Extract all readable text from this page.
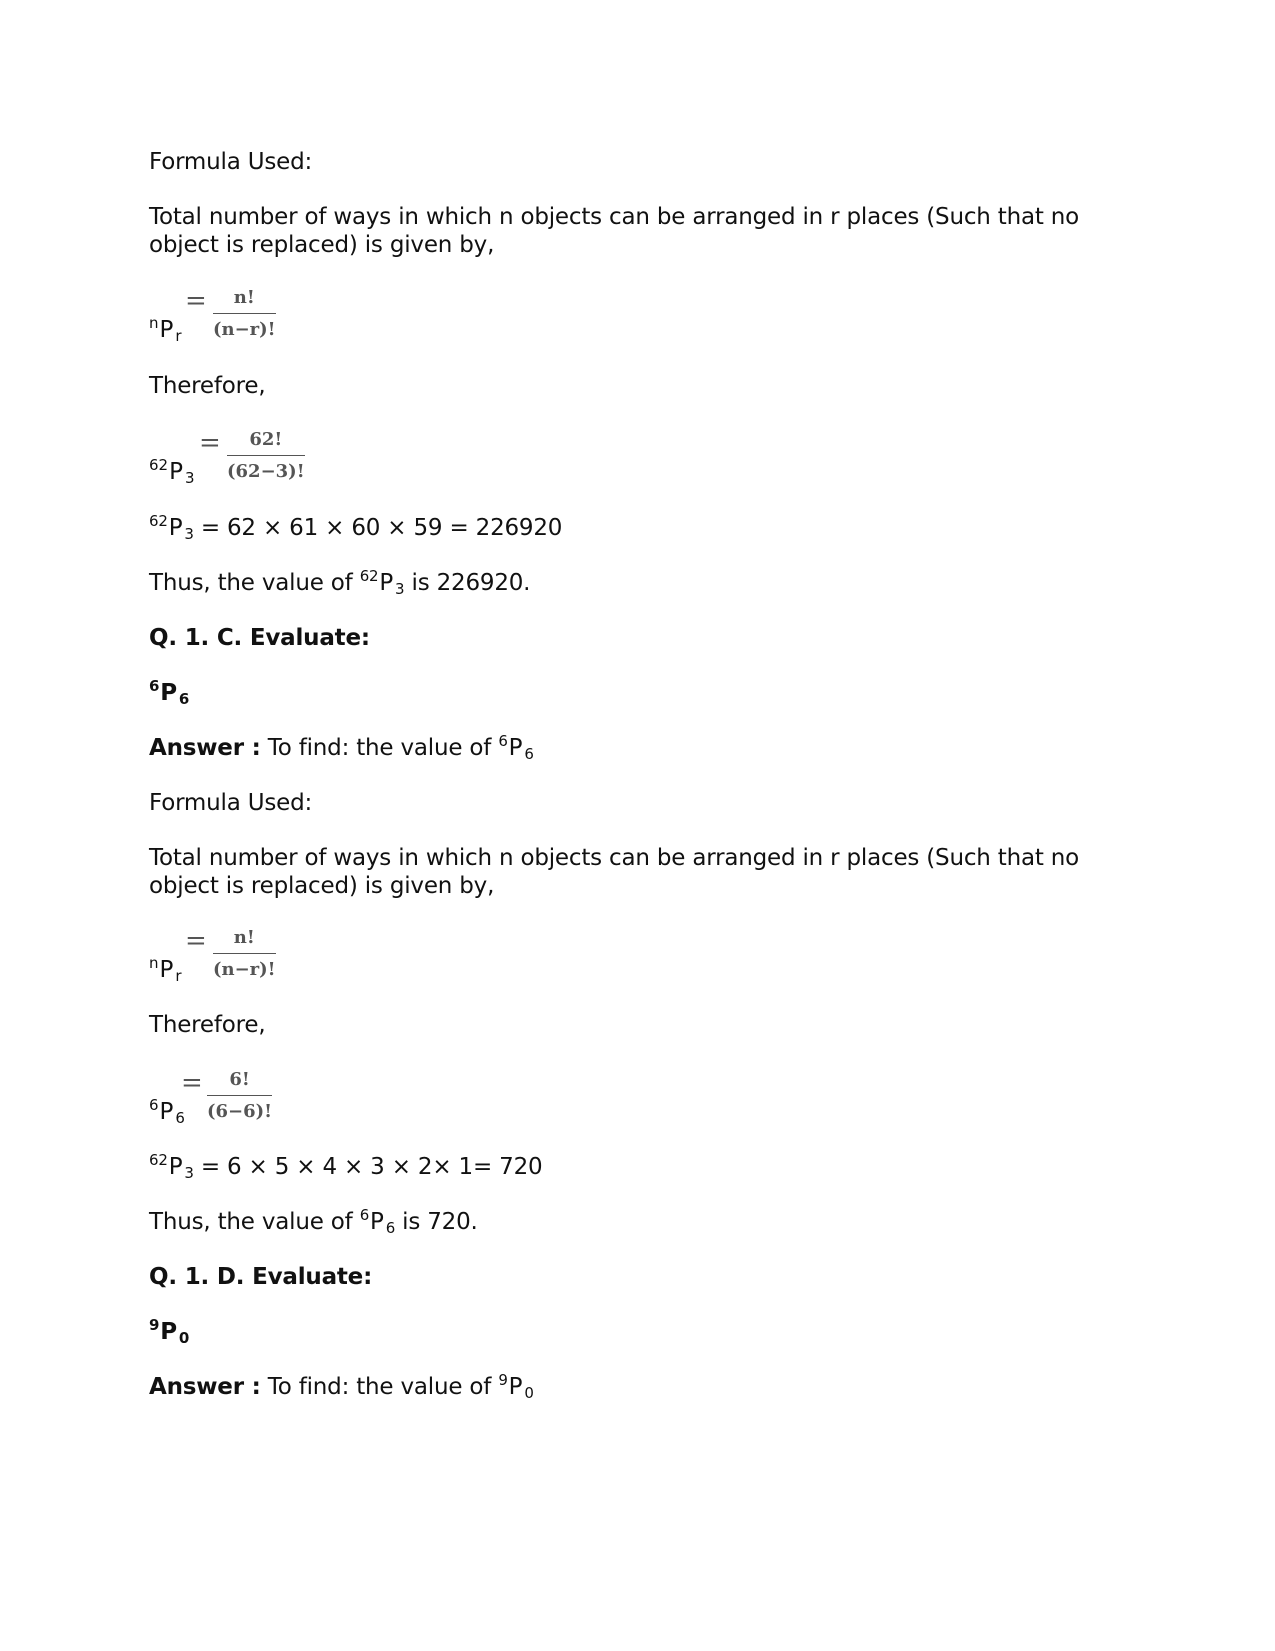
Formula Used:
Total number of ways in which n objects can be arranged in r places (Such that no
object is replaced) is given by,
$^n$P $_r$
= $\frac{n!}{(n-r)!}$
Therefore,
$^{62}$P $_3$
= $\frac{62!}{(62-3)!}$
$^{62}$P $_3$ = 62 × 61 × 60 × 59 = 226920
Thus, the value of $^{62}$P $_3$ is 226920.
Q. 1. C. Evaluate:
$^6$P $_6$
Answer : To find: the value of $^6$P $_6$
Formula Used:
Total number of ways in which n objects can be arranged in r places (Such that no
object is replaced) is given by,
$^n$P $_r$
= $\frac{n!}{(n-r)!}$
Therefore,
$^6$P $_6$
= $\frac{6!}{(6-6)!}$
$^{62}$P $_3$ = 6 × 5 × 4 × 3 × 2× 1= 720
Thus, the value of $^6$P $_6$ is 720.
Q. 1. D. Evaluate:
$^9$P $_0$
Answer : To find: the value of $^9$P $_0$
